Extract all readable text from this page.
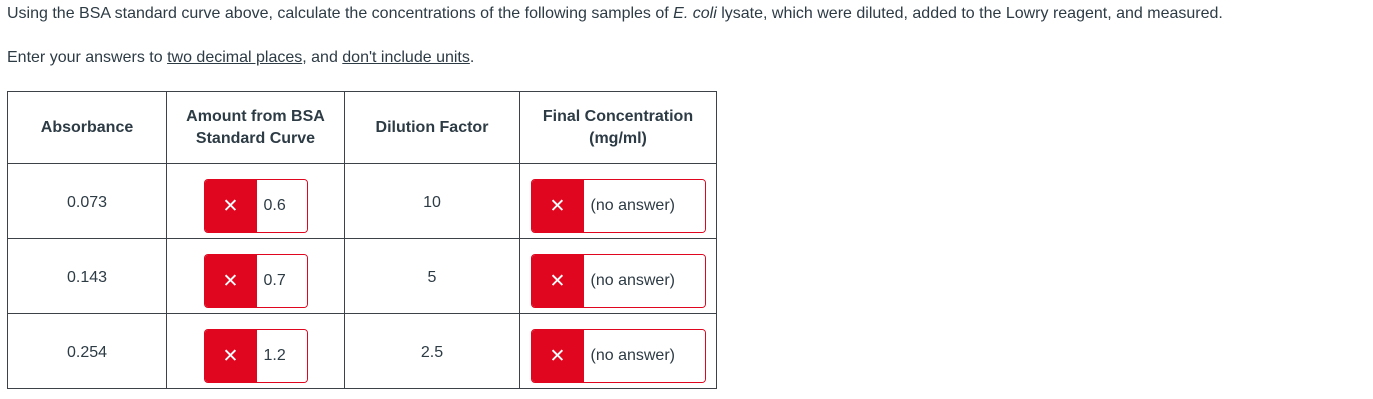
Using the BSA standard curve above, calculate the concentrations of the following samples of E. coli lysate, which were diluted, added to the Lowry reagent, and measured.

Enter your answers to two decimal places, and don't include units.

Absorbance	Amount from BSA Standard Curve	Dilution Factor	Final Concentration (mg/ml)

0.073	✕ 0.6	10	✕ (no answer)

0.143	✕ 0.7	5	✕ (no answer)

0.254	✕ 1.2	2.5	✕ (no answer)
